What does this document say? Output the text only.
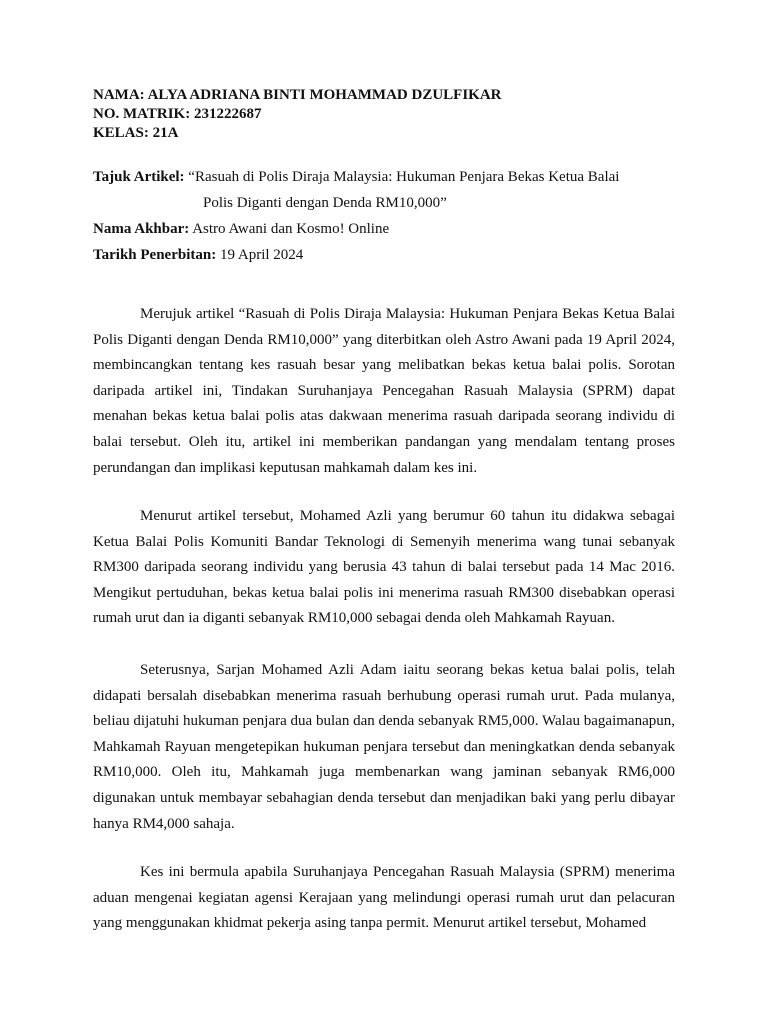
NAMA: ALYA ADRIANA BINTI MOHAMMAD DZULFIKAR
NO. MATRIK: 231222687
KELAS: 21A
Tajuk Artikel: “Rasuah di Polis Diraja Malaysia: Hukuman Penjara Bekas Ketua Balai
Polis Diganti dengan Denda RM10,000”
Nama Akhbar: Astro Awani dan Kosmo! Online
Tarikh Penerbitan: 19 April 2024

Merujuk artikel “Rasuah di Polis Diraja Malaysia: Hukuman Penjara Bekas Ketua Balai Polis Diganti dengan Denda RM10,000” yang diterbitkan oleh Astro Awani pada 19 April 2024, membincangkan tentang kes rasuah besar yang melibatkan bekas ketua balai polis. Sorotan daripada artikel ini, Tindakan Suruhanjaya Pencegahan Rasuah Malaysia (SPRM) dapat menahan bekas ketua balai polis atas dakwaan menerima rasuah daripada seorang individu di balai tersebut. Oleh itu, artikel ini memberikan pandangan yang mendalam tentang proses perundangan dan implikasi keputusan mahkamah dalam kes ini.

Menurut artikel tersebut, Mohamed Azli yang berumur 60 tahun itu didakwa sebagai Ketua Balai Polis Komuniti Bandar Teknologi di Semenyih menerima wang tunai sebanyak RM300 daripada seorang individu yang berusia 43 tahun di balai tersebut pada 14 Mac 2016. Mengikut pertuduhan, bekas ketua balai polis ini menerima rasuah RM300 disebabkan operasi rumah urut dan ia diganti sebanyak RM10,000 sebagai denda oleh Mahkamah Rayuan.

Seterusnya, Sarjan Mohamed Azli Adam iaitu seorang bekas ketua balai polis, telah didapati bersalah disebabkan menerima rasuah berhubung operasi rumah urut. Pada mulanya, beliau dijatuhi hukuman penjara dua bulan dan denda sebanyak RM5,000. Walau bagaimanapun, Mahkamah Rayuan mengetepikan hukuman penjara tersebut dan meningkatkan denda sebanyak RM10,000. Oleh itu, Mahkamah juga membenarkan wang jaminan sebanyak RM6,000 digunakan untuk membayar sebahagian denda tersebut dan menjadikan baki yang perlu dibayar hanya RM4,000 sahaja.

Kes ini bermula apabila Suruhanjaya Pencegahan Rasuah Malaysia (SPRM) menerima aduan mengenai kegiatan agensi Kerajaan yang melindungi operasi rumah urut dan pelacuran yang menggunakan khidmat pekerja asing tanpa permit. Menurut artikel tersebut, Mohamed
